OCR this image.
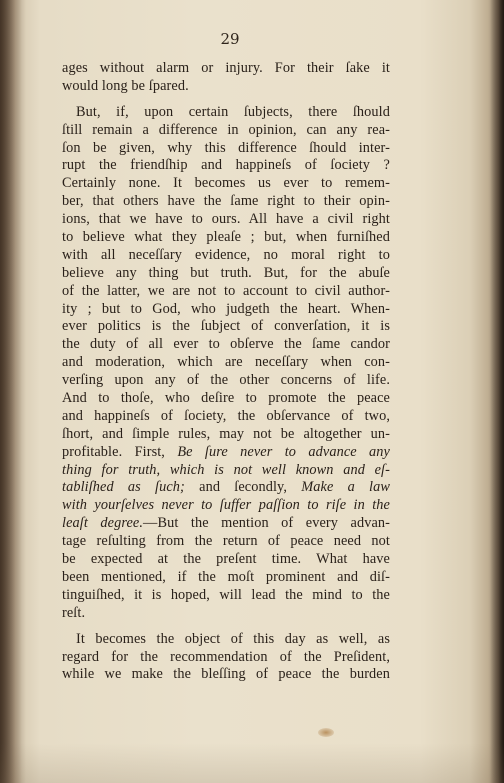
29

ages without alarm or injury. For their ſake it
would long be ſpared.
But, if, upon certain ſubjects, there ſhould
ſtill remain a difference in opinion, can any rea-
ſon be given, why this difference ſhould inter-
rupt the friendſhip and happineſs of ſociety ?
Certainly none. It becomes us ever to remem-
ber, that others have the ſame right to their opin-
ions, that we have to ours. All have a civil right
to believe what they pleaſe ; but, when furniſhed
with all neceſſary evidence, no moral right to
believe any thing but truth. But, for the abuſe
of the latter, we are not to account to civil author-
ity ; but to God, who judgeth the heart. When-
ever politics is the ſubject of converſation, it is
the duty of all ever to obſerve the ſame candor
and moderation, which are neceſſary when con-
verſing upon any of the other concerns of life.
And to thoſe, who deſire to promote the peace
and happineſs of ſociety, the obſervance of two,
ſhort, and ſimple rules, may not be altogether un-
profitable. First, Be ſure never to advance any
thing for truth, which is not well known and eſ-
tabliſhed as ſuch; and ſecondly, Make a law
with yourſelves never to ſuffer paſſion to riſe in the
leaſt degree.—But the mention of every advan-
tage reſulting from the return of peace need not
be expected at the preſent time. What have
been mentioned, if the moſt prominent and diſ-
tinguiſhed, it is hoped, will lead the mind to the
reſt.
It becomes the object of this day as well, as
regard for the recommendation of the Preſident,
while we make the bleſſing of peace the burden
